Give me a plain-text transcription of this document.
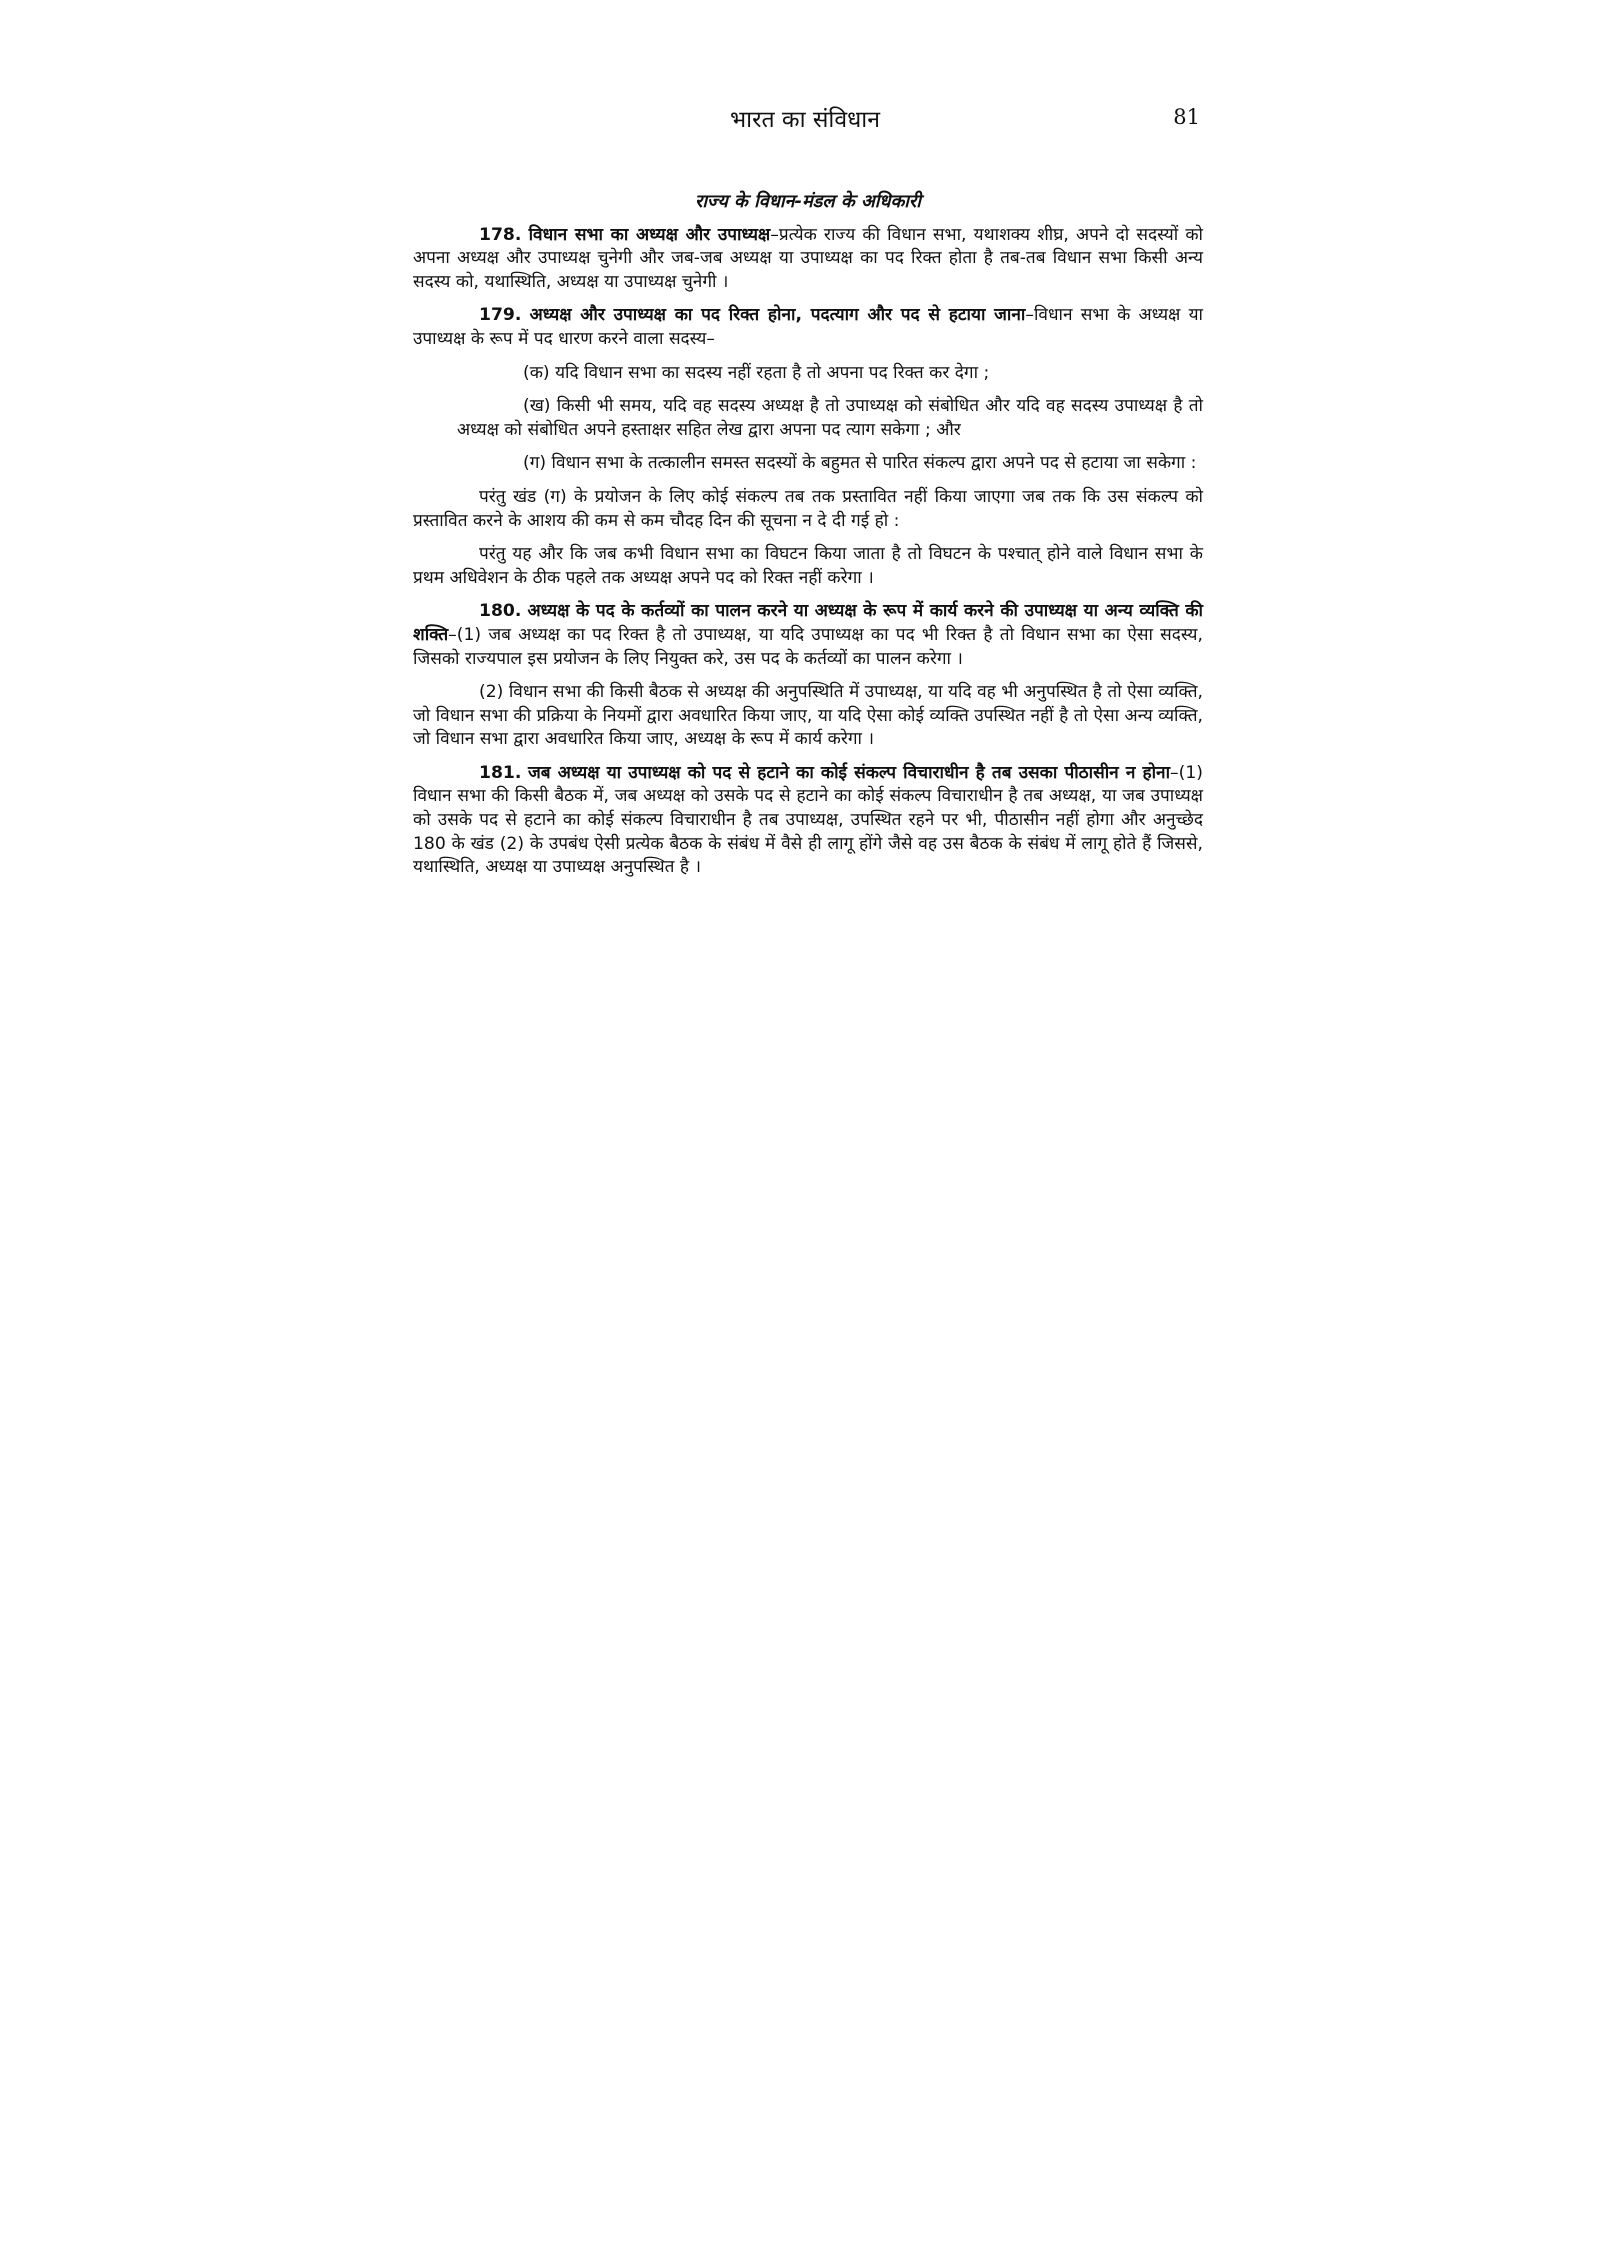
भारत का संविधान	81
राज्य के विधान-मंडल के अधिकारी

178. विधान सभा का अध्यक्ष और उपाध्यक्ष–प्रत्येक राज्य की विधान सभा, यथाशक्य शीघ्र, अपने दो सदस्यों को अपना अध्यक्ष और उपाध्यक्ष चुनेगी और जब-जब अध्यक्ष या उपाध्यक्ष का पद रिक्त होता है तब-तब विधान सभा किसी अन्य सदस्य को, यथास्थिति, अध्यक्ष या उपाध्यक्ष चुनेगी ।

179. अध्यक्ष और उपाध्यक्ष का पद रिक्त होना, पदत्याग और पद से हटाया जाना–विधान सभा के अध्यक्ष या उपाध्यक्ष के रूप में पद धारण करने वाला सदस्य–

(क) यदि विधान सभा का सदस्य नहीं रहता है तो अपना पद रिक्त कर देगा ;

(ख) किसी भी समय, यदि वह सदस्य अध्यक्ष है तो उपाध्यक्ष को संबोधित और यदि वह सदस्य उपाध्यक्ष है तो अध्यक्ष को संबोधित अपने हस्ताक्षर सहित लेख द्वारा अपना पद त्याग सकेगा ; और

(ग) विधान सभा के तत्कालीन समस्त सदस्यों के बहुमत से पारित संकल्प द्वारा अपने पद से हटाया जा सकेगा :

परंतु खंड (ग) के प्रयोजन के लिए कोई संकल्प तब तक प्रस्तावित नहीं किया जाएगा जब तक कि उस संकल्प को प्रस्तावित करने के आशय की कम से कम चौदह दिन की सूचना न दे दी गई हो :

परंतु यह और कि जब कभी विधान सभा का विघटन किया जाता है तो विघटन के पश्चात् होने वाले विधान सभा के प्रथम अधिवेशन के ठीक पहले तक अध्यक्ष अपने पद को रिक्त नहीं करेगा ।

180. अध्यक्ष के पद के कर्तव्यों का पालन करने या अध्यक्ष के रूप में कार्य करने की उपाध्यक्ष या अन्य व्यक्ति की शक्ति–(1) जब अध्यक्ष का पद रिक्त है तो उपाध्यक्ष, या यदि उपाध्यक्ष का पद भी रिक्त है तो विधान सभा का ऐसा सदस्य, जिसको राज्यपाल इस प्रयोजन के लिए नियुक्त करे, उस पद के कर्तव्यों का पालन करेगा ।

(2) विधान सभा की किसी बैठक से अध्यक्ष की अनुपस्थिति में उपाध्यक्ष, या यदि वह भी अनुपस्थित है तो ऐसा व्यक्ति, जो विधान सभा की प्रक्रिया के नियमों द्वारा अवधारित किया जाए, या यदि ऐसा कोई व्यक्ति उपस्थित नहीं है तो ऐसा अन्य व्यक्ति, जो विधान सभा द्वारा अवधारित किया जाए, अध्यक्ष के रूप में कार्य करेगा ।

181. जब अध्यक्ष या उपाध्यक्ष को पद से हटाने का कोई संकल्प विचाराधीन है तब उसका पीठासीन न होना–(1) विधान सभा की किसी बैठक में, जब अध्यक्ष को उसके पद से हटाने का कोई संकल्प विचाराधीन है तब अध्यक्ष, या जब उपाध्यक्ष को उसके पद से हटाने का कोई संकल्प विचाराधीन है तब उपाध्यक्ष, उपस्थित रहने पर भी, पीठासीन नहीं होगा और अनुच्छेद 180 के खंड (2) के उपबंध ऐसी प्रत्येक बैठक के संबंध में वैसे ही लागू होंगे जैसे वह उस बैठक के संबंध में लागू होते हैं जिससे, यथास्थिति, अध्यक्ष या उपाध्यक्ष अनुपस्थित है ।
